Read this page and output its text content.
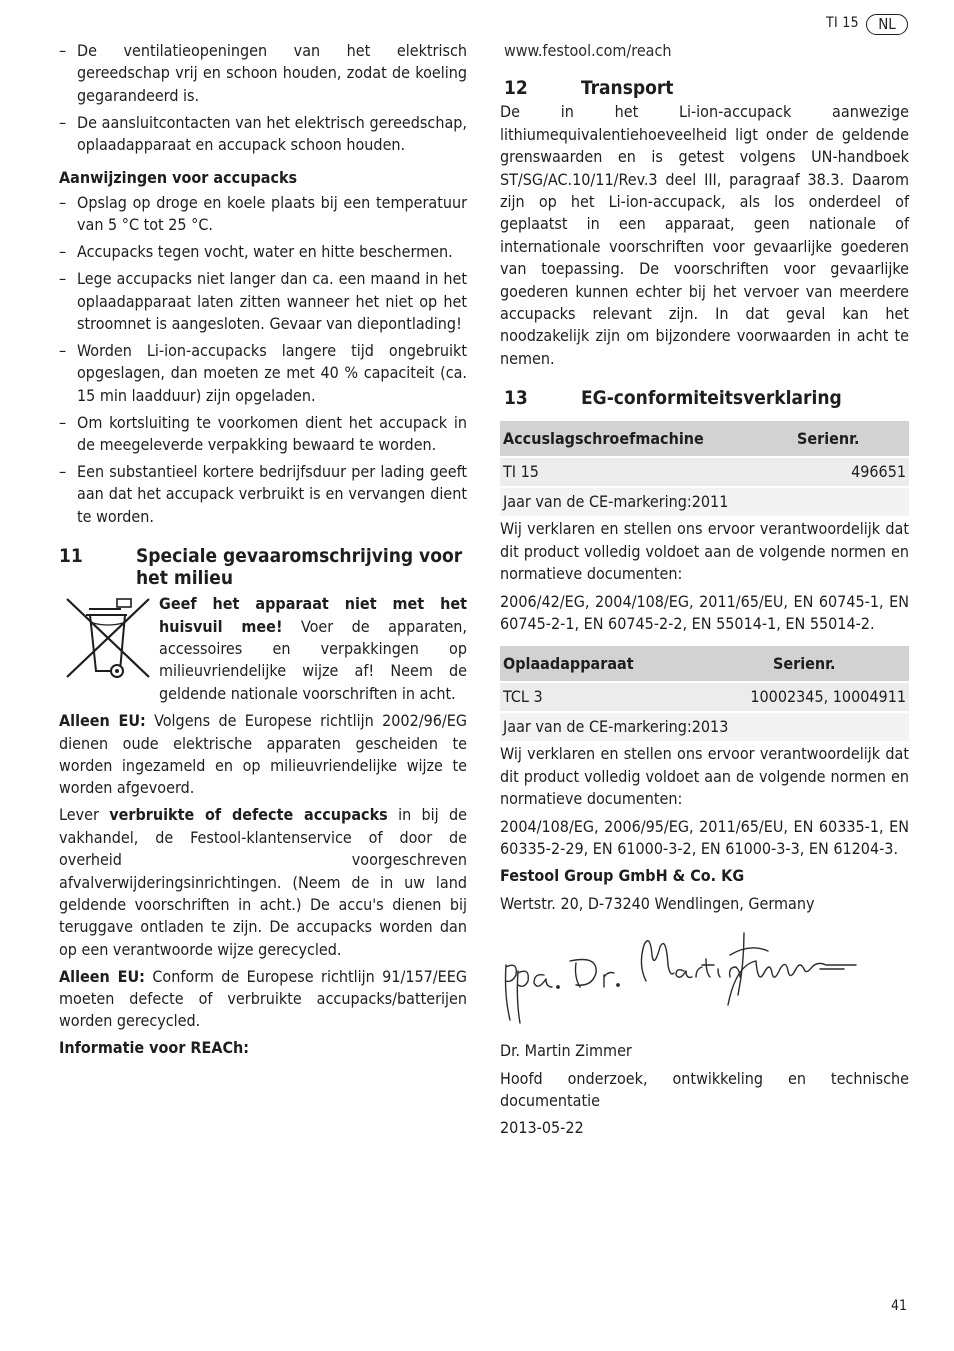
TI 15	NL
– De ventilatieopeningen van het elektrisch gereedschap vrij en schoon houden, zodat de koeling gegarandeerd is.
– De aansluitcontacten van het elektrisch gereedschap, oplaadapparaat en accupack schoon houden.

Aanwijzingen voor accupacks

– Opslag op droge en koele plaats bij een temperatuur van 5 °C tot 25 °C.
– Accupacks tegen vocht, water en hitte beschermen.
– Lege accupacks niet langer dan ca. een maand in het oplaadapparaat laten zitten wanneer het niet op het stroomnet is aangesloten. Gevaar van diepontlading!
– Worden Li-ion-accupacks langere tijd ongebruikt opgeslagen, dan moeten ze met 40 % capaciteit (ca. 15 min laadduur) zijn opgeladen.
– Om kortsluiting te voorkomen dient het accupack in de meegeleverde verpakking bewaard te worden.
– Een substantieel kortere bedrijfsduur per lading geeft aan dat het accupack verbruikt is en vervangen dient te worden.
11	Speciale gevaaromschrijving voor het milieu

Geef het apparaat niet met het huisvuil mee! Voer de apparaten, accessoires en verpakkingen op milieuvriendelijke wijze af! Neem de geldende nationale voorschriften in acht.

Alleen EU: Volgens de Europese richtlijn 2002/96/EG dienen oude elektrische apparaten gescheiden te worden ingezameld en op milieuvriendelijke wijze te worden afgevoerd.

Lever verbruikte of defecte accupacks in bij de vakhandel, de Festool-klantenservice of door de overheid voorgeschreven afvalverwijderingsinrichtingen. (Neem de in uw land geldende voorschriften in acht.) De accu's dienen bij teruggave ontladen te zijn. De accupacks worden dan op een verantwoorde wijze gerecycled.

Alleen EU: Conform de Europese richtlijn 91/157/EEG moeten defecte of verbruikte accupacks/batterijen worden gerecycled.

Informatie voor REACh:

www.festool.com/reach

12	Transport

De in het Li-ion-accupack aanwezige lithiumequivalentiehoeveelheid ligt onder de geldende grenswaarden en is getest volgens UN-handboek ST/SG/AC.10/11/Rev.3 deel III, paragraaf 38.3. Daarom zijn op het Li-ion-accupack, als los onderdeel of geplaatst in een apparaat, geen nationale of internationale voorschriften voor gevaarlijke goederen van toepassing. De voorschriften voor gevaarlijke goederen kunnen echter bij het vervoer van meerdere accupacks relevant zijn. In dat geval kan het noodzakelijk zijn om bijzondere voorwaarden in acht te nemen.

13	EG-conformiteitsverklaring
Accuslagschroefmachine	Serienr.
TI 15	496651
Jaar van de CE-markering:2011

Wij verklaren en stellen ons ervoor verantwoordelijk dat dit product volledig voldoet aan de volgende normen en normatieve documenten:

2006/42/EG, 2004/108/EG, 2011/65/EU, EN 60745-1, EN 60745-2-1, EN 60745-2-2, EN 55014-1, EN 55014-2.

Oplaadapparaat	Serienr.
TCL 3	10002345, 10004911
Jaar van de CE-markering:2013

Wij verklaren en stellen ons ervoor verantwoordelijk dat dit product volledig voldoet aan de volgende normen en normatieve documenten:

2004/108/EG, 2006/95/EG, 2011/65/EU, EN 60335-1, EN 60335-2-29, EN 61000-3-2, EN 61000-3-3, EN 61204-3.

Festool Group GmbH & Co. KG

Wertstr. 20, D-73240 Wendlingen, Germany

Dr. Martin Zimmer

Hoofd onderzoek, ontwikkeling en technische documentatie

2013-05-22

41
